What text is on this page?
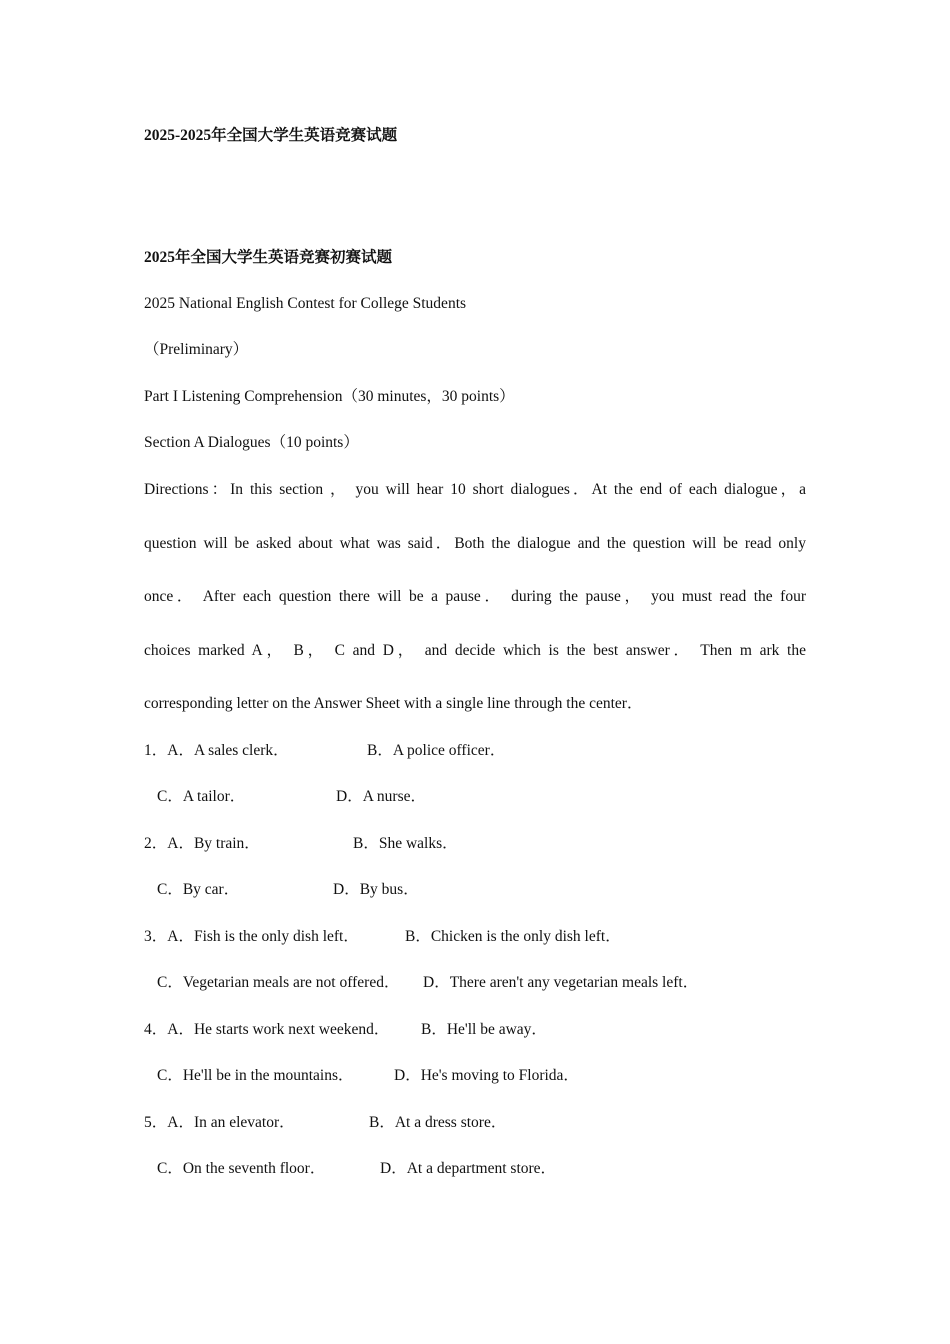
2025-2025年全国大学生英语竞赛试题
2025年全国大学生英语竞赛初赛试题
2025 National English Contest for College Students
（Preliminary）
Part I Listening Comprehension（30 minutes，30 points）
Section A Dialogues（10 points）
Directions：In this section ， you will hear 10 short dialogues．At the end of each dialogue，a
question will be asked about what was said．Both the dialogue and the question will be read only
once． After each question there will be a pause． during the pause， you must read the four
choices marked A， B， C and D， and decide which is the best answer． Then m ark the
corresponding letter on the Answer Sheet with a single line through the center．
1．A．A sales clerk．	B．A police officer．
C．A tailor．	D．A nurse．
2．A．By train．	B．She walks．
C．By car．	D．By bus．
3．A．Fish is the only dish left．	B．Chicken is the only dish left．
C．Vegetarian meals are not offered． D．There aren't any vegetarian meals left．
4．A．He starts work next weekend． B．He'll be away．
C．He'll be in the mountains．	D．He's moving to Florida．
5．A．In an elevator．	B．At a dress store．
C．On the seventh floor．	D．At a department store．
